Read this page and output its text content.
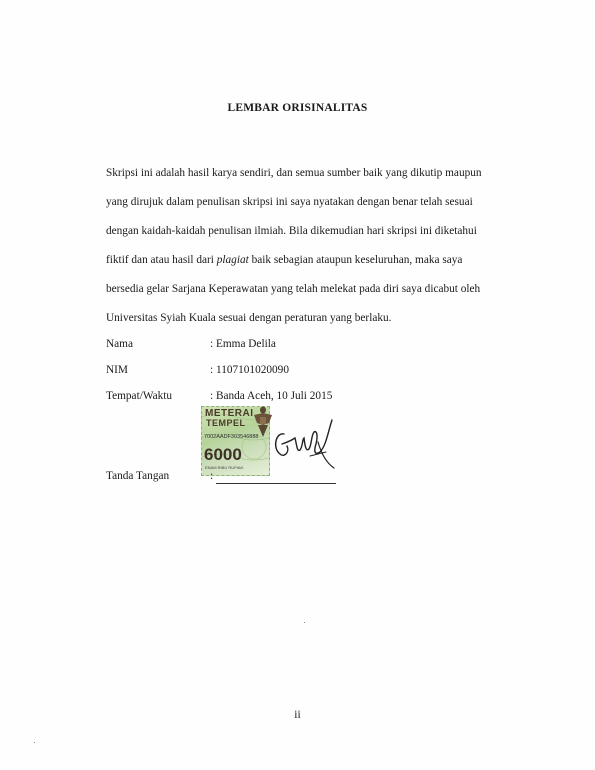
LEMBAR ORISINALITAS

Skripsi ini adalah hasil karya sendiri, dan semua sumber baik yang dikutip maupun

yang dirujuk dalam penulisan skripsi ini saya nyatakan dengan benar telah sesuai

dengan kaidah-kaidah penulisan ilmiah. Bila dikemudian hari skripsi ini diketahui

fiktif dan atau hasil dari plagiat baik sebagian ataupun keseluruhan, maka saya

bersedia gelar Sarjana Keperawatan yang telah melekat pada diri saya dicabut oleh

Universitas Syiah Kuala sesuai dengan peraturan yang berlaku.

Nama	: Emma Delila
NIM	: 1107101020090
Tempat/Waktu	: Banda Aceh, 10 Juli 2015
METERAI
TEMPEL
7002AADF303546888
6000
ENAM RIBU RUPIAH
Tanda Tangan	:
ii
